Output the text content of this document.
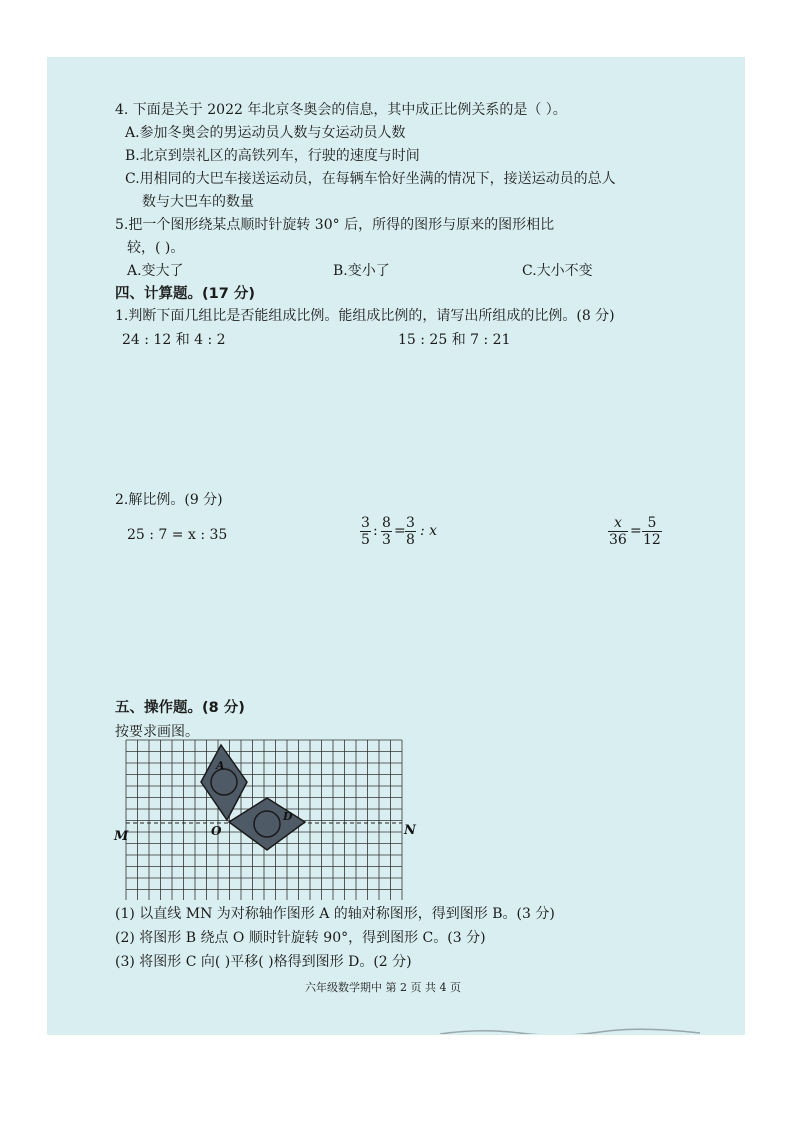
4. 下面是关于 2022 年北京冬奥会的信息，其中成正比例关系的是（ ）。
A.参加冬奥会的男运动员人数与女运动员人数
B.北京到崇礼区的高铁列车，行驶的速度与时间
C.用相同的大巴车接送运动员，在每辆车恰好坐满的情况下，接送运动员的总人
数与大巴车的数量
5.把一个图形绕某点顺时针旋转 30° 后，所得的图形与原来的图形相比
较，( )。
A.变大了	B.变小了	C.大小不变
四、计算题。(17 分)
1.判断下面几组比是否能组成比例。能组成比例的，请写出所组成的比例。(8 分)
24 : 12 和 4 : 2	15 : 25 和 7 : 21
2.解比例。(9 分)
25 : 7 = x : 35	$\frac{3}{5}$ : $\frac{8}{3} = \frac{3}{8}$ : x	$\frac{x}{36} = \frac{5}{12}$
五、操作题。(8 分)
按要求画图。
A
O
D
M	N
(1) 以直线 MN 为对称轴作图形 A 的轴对称图形，得到图形 B。(3 分)
(2) 将图形 B 绕点 O 顺时针旋转 90°，得到图形 C。(3 分)
(3) 将图形 C 向( )平移( )格得到图形 D。(2 分)
六年级数学期中 第 2 页 共 4 页
